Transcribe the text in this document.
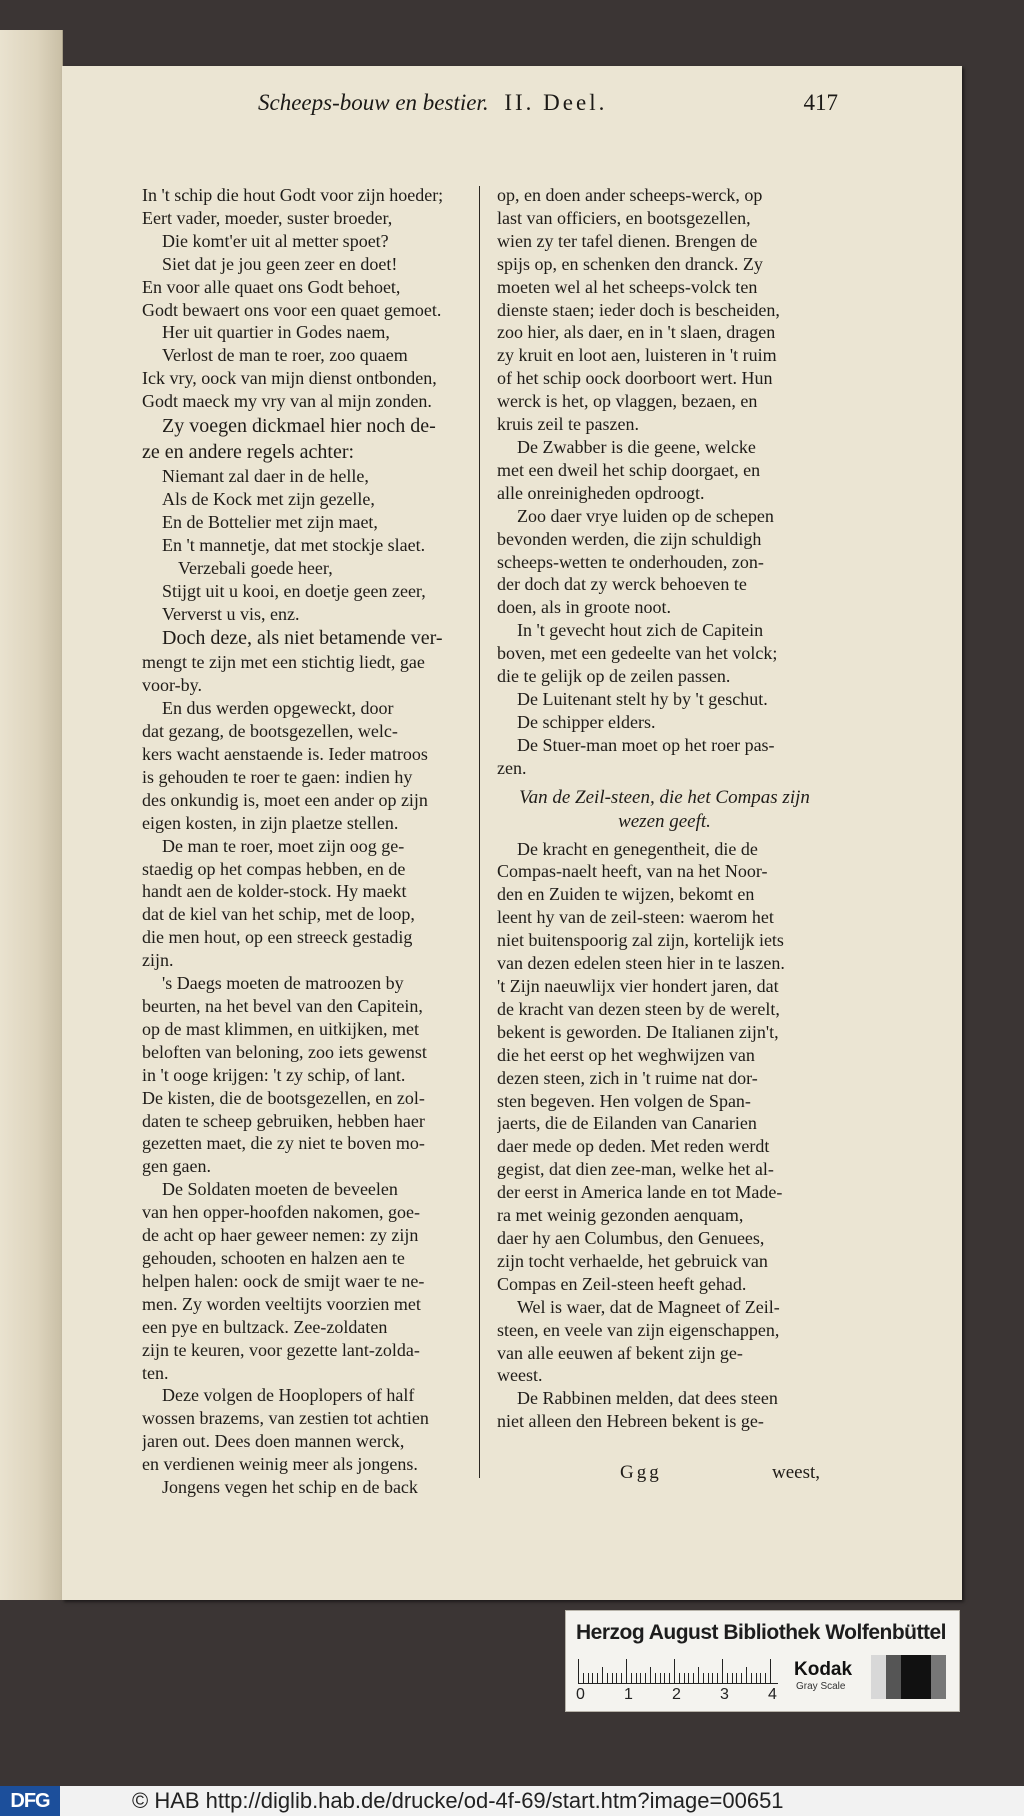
Scheeps-bouw en bestier. II. Deel.	417
In 't schip die hout Godt voor zijn hoeder;
Eert vader, moeder, suster broeder,
Die komt'er uit al metter spoet?
Siet dat je jou geen zeer en doet!
En voor alle quaet ons Godt behoet,
Godt bewaert ons voor een quaet gemoet.
Her uit quartier in Godes naem,
Verlost de man te roer, zoo quaem
Ick vry, oock van mijn dienst ontbonden,
Godt maeck my vry van al mijn zonden.
Zy voegen dickmael hier noch de-
ze en andere regels achter:
Niemant zal daer in de helle,
Als de Kock met zijn gezelle,
En de Bottelier met zijn maet,
En 't mannetje, dat met stockje slaet.
Verzebali goede heer,
Stijgt uit u kooi, en doetje geen zeer,
Ververst u vis, enz.
Doch deze, als niet betamende ver-
mengt te zijn met een stichtig liedt, gae
voor-by.
En dus werden opgeweckt, door
dat gezang, de bootsgezellen, welc-
kers wacht aenstaende is. Ieder matroos
is gehouden te roer te gaen: indien hy
des onkundig is, moet een ander op zijn
eigen kosten, in zijn plaetze stellen.
De man te roer, moet zijn oog ge-
staedig op het compas hebben, en de
handt aen de kolder-stock. Hy maekt
dat de kiel van het schip, met de loop,
die men hout, op een streeck gestadig
zijn.
's Daegs moeten de matroozen by
beurten, na het bevel van den Capitein,
op de mast klimmen, en uitkijken, met
beloften van beloning, zoo iets gewenst
in 't ooge krijgen: 't zy schip, of lant.
De kisten, die de bootsgezellen, en zol-
daten te scheep gebruiken, hebben haer
gezetten maet, die zy niet te boven mo-
gen gaen.
De Soldaten moeten de beveelen
van hen opper-hoofden nakomen, goe-
de acht op haer geweer nemen: zy zijn
gehouden, schooten en halzen aen te
helpen halen: oock de smijt waer te ne-
men. Zy worden veeltijts voorzien met
een pye en bultzack. Zee-zoldaten
zijn te keuren, voor gezette lant-zolda-
ten.
Deze volgen de Hooplopers of half
wossen brazems, van zestien tot achtien
jaren out. Dees doen mannen werck,
en verdienen weinig meer als jongens.
Jongens vegen het schip en de back
op, en doen ander scheeps-werck, op
last van officiers, en bootsgezellen,
wien zy ter tafel dienen. Brengen de
spijs op, en schenken den dranck. Zy
moeten wel al het scheeps-volck ten
dienste staen; ieder doch is bescheiden,
zoo hier, als daer, en in 't slaen, dragen
zy kruit en loot aen, luisteren in 't ruim
of het schip oock doorboort wert. Hun
werck is het, op vlaggen, bezaen, en
kruis zeil te paszen.
De Zwabber is die geene, welcke
met een dweil het schip doorgaet, en
alle onreinigheden opdroogt.
Zoo daer vrye luiden op de schepen
bevonden werden, die zijn schuldigh
scheeps-wetten te onderhouden, zon-
der doch dat zy werck behoeven te
doen, als in groote noot.
In 't gevecht hout zich de Capitein
boven, met een gedeelte van het volck;
die te gelijk op de zeilen passen.
De Luitenant stelt hy by 't geschut.
De schipper elders.
De Stuer-man moet op het roer pas-
zen.
Van de Zeil-steen, die het Compas zijn
wezen geeft.
De kracht en genegentheit, die de
Compas-naelt heeft, van na het Noor-
den en Zuiden te wijzen, bekomt en
leent hy van de zeil-steen: waerom het
niet buitenspoorig zal zijn, kortelijk iets
van dezen edelen steen hier in te laszen.
't Zijn naeuwlijx vier hondert jaren, dat
de kracht van dezen steen by de werelt,
bekent is geworden. De Italianen zijn't,
die het eerst op het weghwijzen van
dezen steen, zich in 't ruime nat dor-
sten begeven. Hen volgen de Span-
jaerts, die de Eilanden van Canarien
daer mede op deden. Met reden werdt
gegist, dat dien zee-man, welke het al-
der eerst in America lande en tot Made-
ra met weinig gezonden aenquam,
daer hy aen Columbus, den Genuees,
zijn tocht verhaelde, het gebruick van
Compas en Zeil-steen heeft gehad.
Wel is waer, dat de Magneet of Zeil-
steen, en veele van zijn eigenschappen,
van alle eeuwen af bekent zijn ge-
weest.
De Rabbinen melden, dat dees steen
niet alleen den Hebreen bekent is ge-
Ggg	weest,
Herzog August Bibliothek Wolfenbüttel
0 1 2 3 4
Kodak
Gray Scale
DFG	© HAB http://diglib.hab.de/drucke/od-4f-69/start.htm?image=00651
